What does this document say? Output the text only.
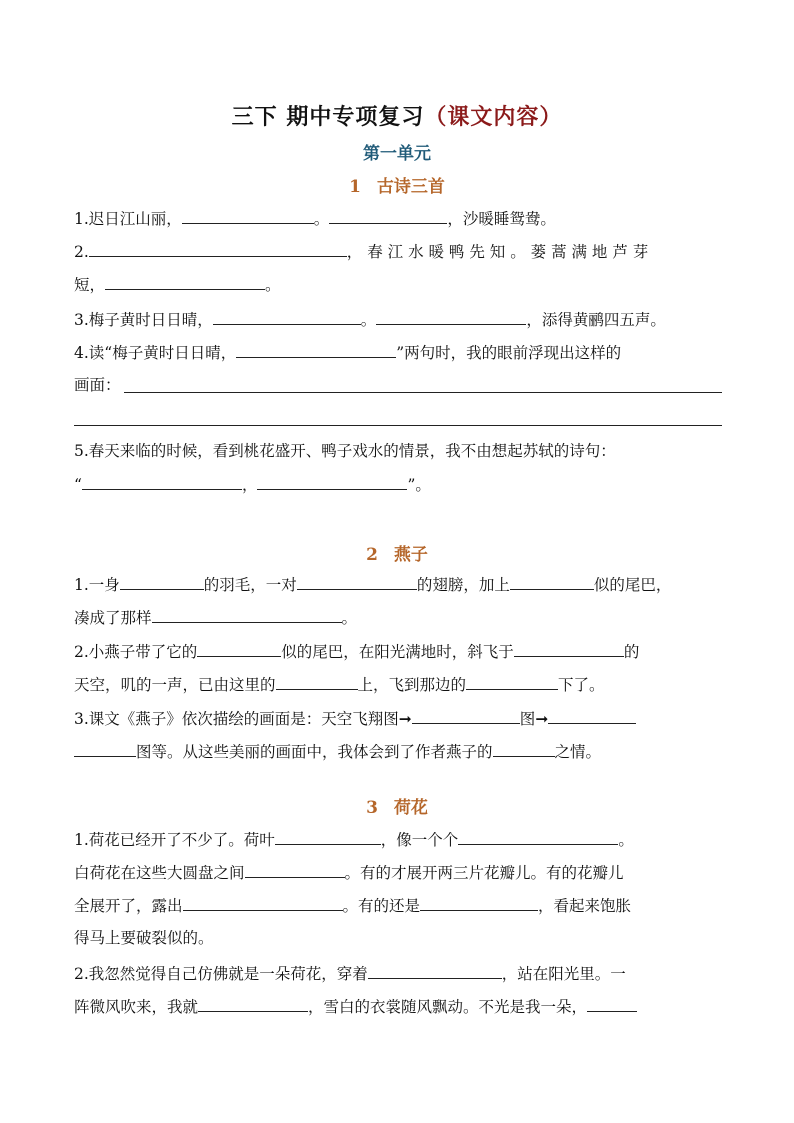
三下 期中专项复习（课文内容）
第一单元
1 古诗三首
1.迟日江山丽，	。	，沙暖睡鸳鸯。
2.	， 春 江 水 暖 鸭 先 知 。 蒌 蒿 满 地 芦 芽
短，	。
3.梅子黄时日日晴，	。	，添得黄鹂四五声。
4.读“梅子黄时日日晴，	”两句时，我的眼前浮现出这样的
画面：
5.春天来临的时候，看到桃花盛开、鸭子戏水的情景，我不由想起苏轼的诗句：
“	，	”。
2 燕子
1.一身	的羽毛，一对	的翅膀，加上	似的尾巴，
凑成了那样	。
2.小燕子带了它的	似的尾巴，在阳光满地时，斜飞于	的
天空，叽的一声，已由这里的	上，飞到那边的	下了。
3.课文《燕子》依次描绘的画面是：天空飞翔图➞	图➞
图等。从这些美丽的画面中，我体会到了作者燕子的	之情。
3 荷花
1.荷花已经开了不少了。荷叶	，像一个个	。
白荷花在这些大圆盘之间	。有的才展开两三片花瓣儿。有的花瓣儿
全展开了，露出	。有的还是	，看起来饱胀
得马上要破裂似的。
2.我忽然觉得自己仿佛就是一朵荷花，穿着	，站在阳光里。一
阵微风吹来，我就	，雪白的衣裳随风飘动。不光是我一朵，
